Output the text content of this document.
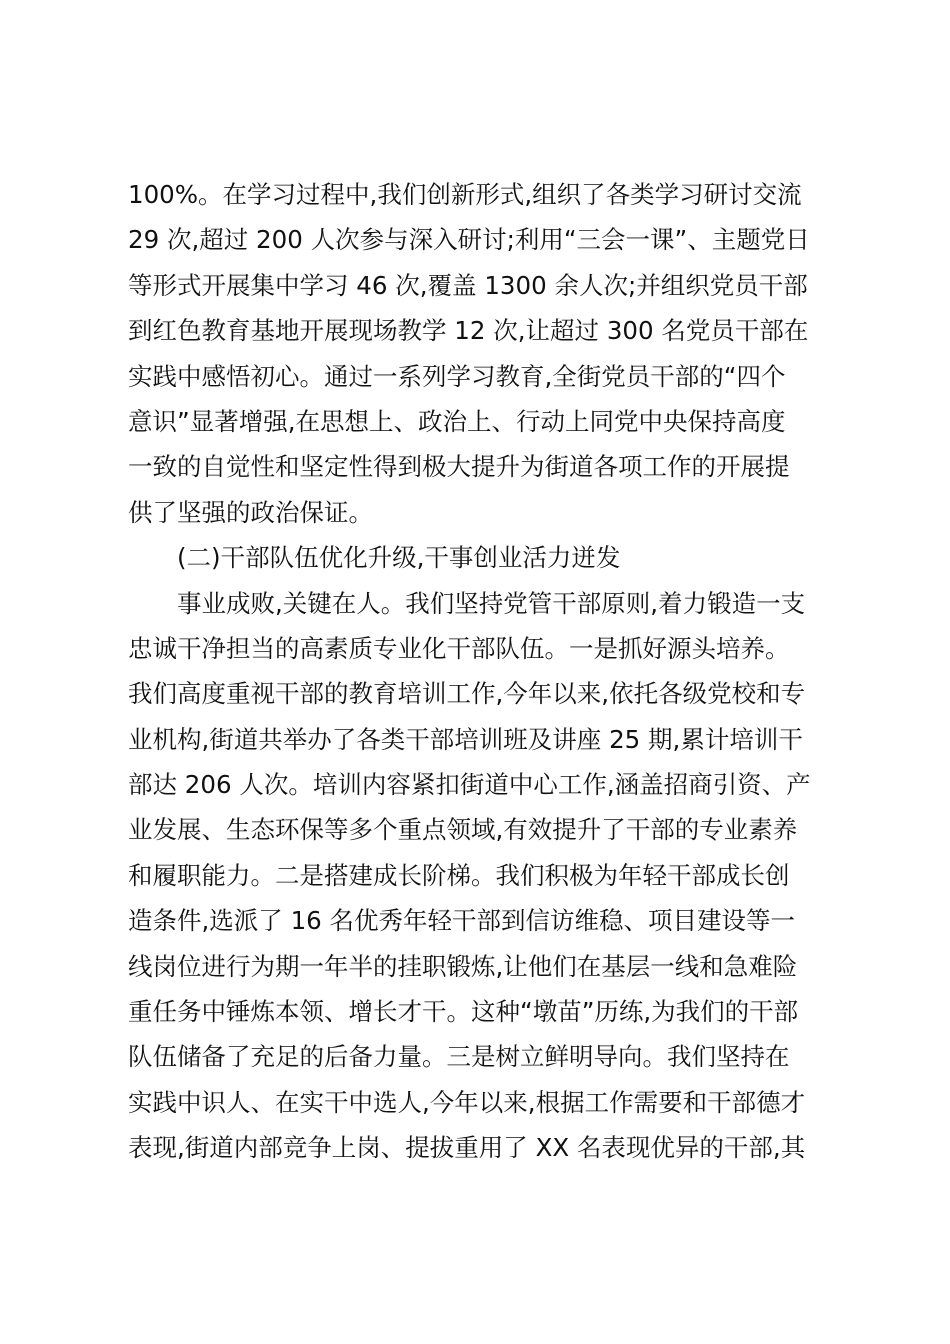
100%。在学习过程中,我们创新形式,组织了各类学习研讨交流
29 次,超过 200 人次参与深入研讨;利用“三会一课”、主题党日
等形式开展集中学习 46 次,覆盖 1300 余人次;并组织党员干部
到红色教育基地开展现场教学 12 次,让超过 300 名党员干部在
实践中感悟初心。通过一系列学习教育,全街党员干部的“四个
意识”显著增强,在思想上、政治上、行动上同党中央保持高度
一致的自觉性和坚定性得到极大提升为街道各项工作的开展提
供了坚强的政治保证。
(二)干部队伍优化升级,干事创业活力迸发
事业成败,关键在人。我们坚持党管干部原则,着力锻造一支
忠诚干净担当的高素质专业化干部队伍。一是抓好源头培养。
我们高度重视干部的教育培训工作,今年以来,依托各级党校和专
业机构,街道共举办了各类干部培训班及讲座 25 期,累计培训干
部达 206 人次。培训内容紧扣街道中心工作,涵盖招商引资、产
业发展、生态环保等多个重点领域,有效提升了干部的专业素养
和履职能力。二是搭建成长阶梯。我们积极为年轻干部成长创
造条件,选派了 16 名优秀年轻干部到信访维稳、项目建设等一
线岗位进行为期一年半的挂职锻炼,让他们在基层一线和急难险
重任务中锤炼本领、增长才干。这种“墩苗”历练,为我们的干部
队伍储备了充足的后备力量。三是树立鲜明导向。我们坚持在
实践中识人、在实干中选人,今年以来,根据工作需要和干部德才
表现,街道内部竞争上岗、提拔重用了 XX 名表现优异的干部,其
